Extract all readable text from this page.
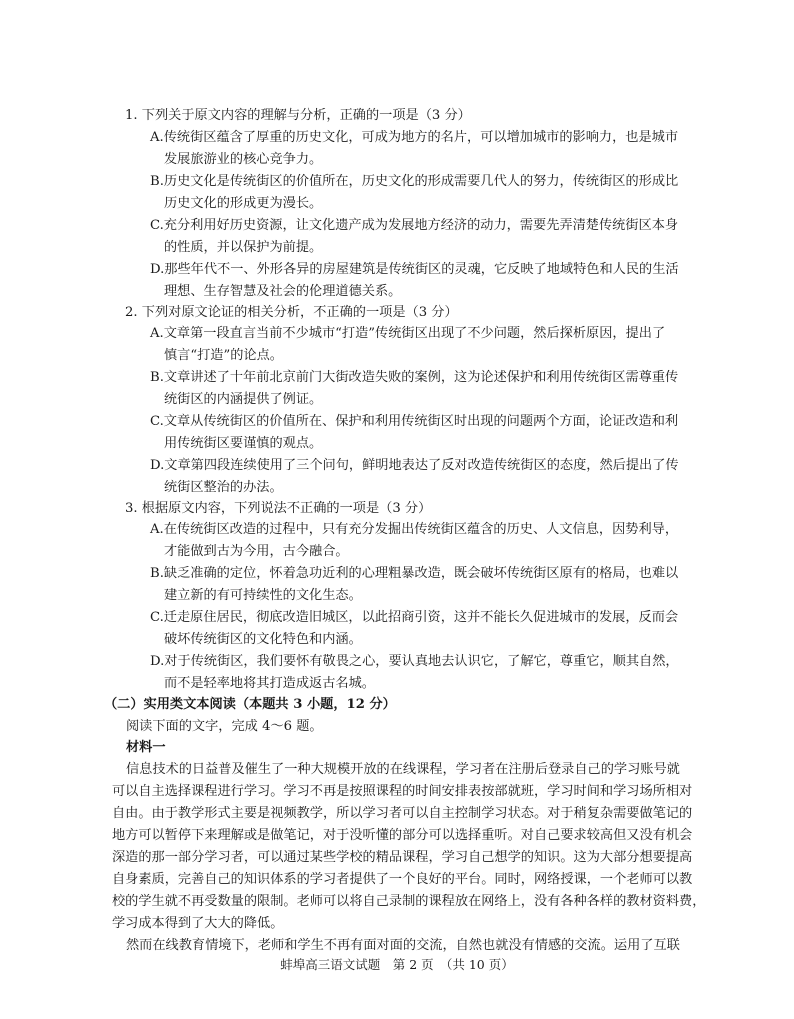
1. 下列关于原文内容的理解与分析，正确的一项是（3 分）
A.传统街区蕴含了厚重的历史文化，可成为地方的名片，可以增加城市的影响力，也是城市
发展旅游业的核心竞争力。
B.历史文化是传统街区的价值所在，历史文化的形成需要几代人的努力，传统街区的形成比
历史文化的形成更为漫长。
C.充分利用好历史资源，让文化遗产成为发展地方经济的动力，需要先弄清楚传统街区本身
的性质，并以保护为前提。
D.那些年代不一、外形各异的房屋建筑是传统街区的灵魂，它反映了地域特色和人民的生活
理想、生存智慧及社会的伦理道德关系。
2. 下列对原文论证的相关分析，不正确的一项是（3 分）
A.文章第一段直言当前不少城市“打造”传统街区出现了不少问题，然后探析原因，提出了
慎言“打造”的论点。
B.文章讲述了十年前北京前门大街改造失败的案例，这为论述保护和利用传统街区需尊重传
统街区的内涵提供了例证。
C.文章从传统街区的价值所在、保护和利用传统街区时出现的问题两个方面，论证改造和利
用传统街区要谨慎的观点。
D.文章第四段连续使用了三个问句，鲜明地表达了反对改造传统街区的态度，然后提出了传
统街区整治的办法。
3. 根据原文内容，下列说法不正确的一项是（3 分）
A.在传统街区改造的过程中，只有充分发掘出传统街区蕴含的历史、人文信息，因势利导，
才能做到古为今用，古今融合。
B.缺乏准确的定位，怀着急功近利的心理粗暴改造，既会破坏传统街区原有的格局，也难以
建立新的有可持续性的文化生态。
C.迁走原住居民，彻底改造旧城区，以此招商引资，这并不能长久促进城市的发展，反而会
破坏传统街区的文化特色和内涵。
D.对于传统街区，我们要怀有敬畏之心，要认真地去认识它，了解它，尊重它，顺其自然，
而不是轻率地将其打造成返古名城。
（二）实用类文本阅读（本题共 3 小题，12 分）
阅读下面的文字，完成 4～6 题。
材料一
信息技术的日益普及催生了一种大规模开放的在线课程，学习者在注册后登录自己的学习账号就
可以自主选择课程进行学习。学习不再是按照课程的时间安排表按部就班，学习时间和学习场所相对
自由。由于教学形式主要是视频教学，所以学习者可以自主控制学习状态。对于稍复杂需要做笔记的
地方可以暂停下来理解或是做笔记，对于没听懂的部分可以选择重听。对自己要求较高但又没有机会
深造的那一部分学习者，可以通过某些学校的精品课程，学习自己想学的知识。这为大部分想要提高
自身素质，完善自己的知识体系的学习者提供了一个良好的平台。同时，网络授课，一个老师可以教
校的学生就不再受数量的限制。老师可以将自己录制的课程放在网络上，没有各种各样的教材资料费，
学习成本得到了大大的降低。
然而在线教育情境下，老师和学生不再有面对面的交流，自然也就没有情感的交流。运用了互联
蚌埠高三语文试题　第 2 页　（共 10 页）
